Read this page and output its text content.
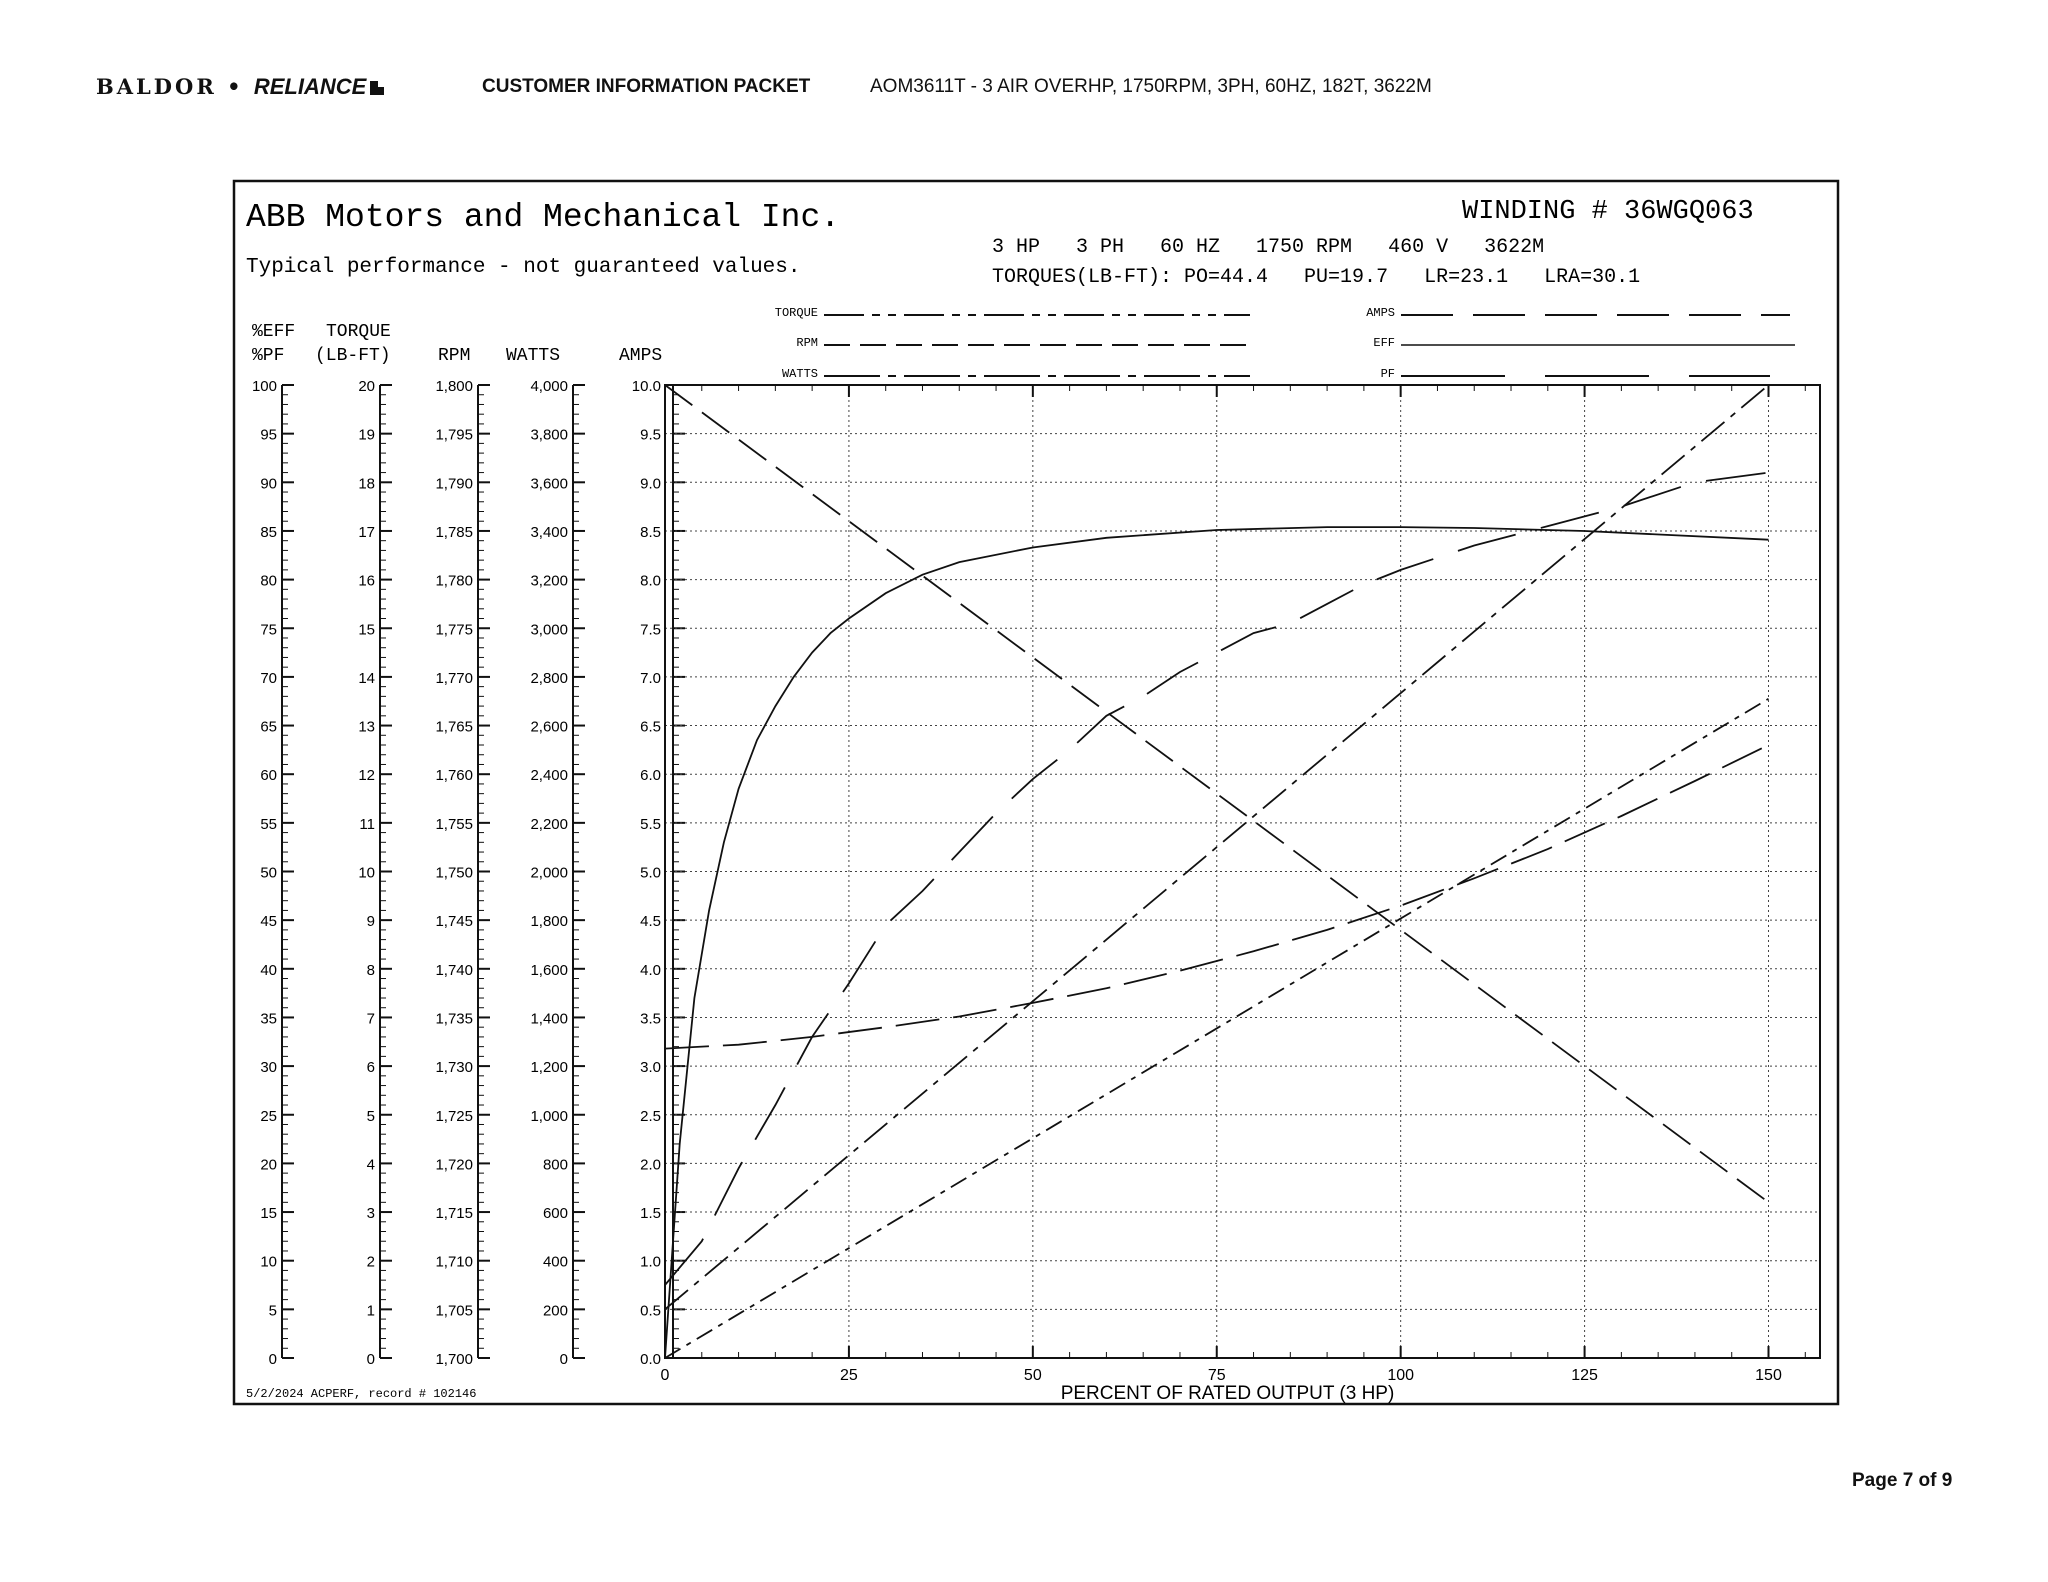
BALDOR • RELIANCE	CUSTOMER INFORMATION PACKET	AOM3611T - 3 AIR OVERHP, 1750RPM, 3PH, 60HZ, 182T, 3622M
Page 7 of 9
ABB Motors and Mechanical Inc.
Typical performance - not guaranteed values.
WINDING # 36WGQ063
3 HP   3 PH   60 HZ   1750 RPM   460 V   3622M
TORQUES(LB-FT): PO=44.4   PU=19.7   LR=23.1   LRA=30.1
5/2/2024 ACPERF, record # 102146
TORQUE
RPM
WATTS
AMPS
EFF
PF
%EFF
%PF
TORQUE
(LB-FT)	RPM WATTS	AMPS
0
5
10
15
20
25
30
35
40
45
50
55
60
65
70
75
80
85
90
95
100
0
1
2
3
4
5
6
7
8
9
10
11
12
13
14
15
16
17
18
19
20
1,700
1,705
1,710
1,715
1,720
1,725
1,730
1,735
1,740
1,745
1,750
1,755
1,760
1,765
1,770
1,775
1,780
1,785
1,790
1,795
1,800
0
200
400
600
800
1,000
1,200
1,400
1,600
1,800
2,000
2,200
2,400
2,600
2,800
3,000
3,200
3,400
3,600
3,800
4,000
0.0
0.5
1.0
1.5
2.0
2.5
3.0
3.5
4.0
4.5
5.0
5.5
6.0
6.5
7.0
7.5
8.0
8.5
9.0
9.5
10.0
0	25	50	75	100	125	150
PERCENT OF RATED OUTPUT (3 HP)
